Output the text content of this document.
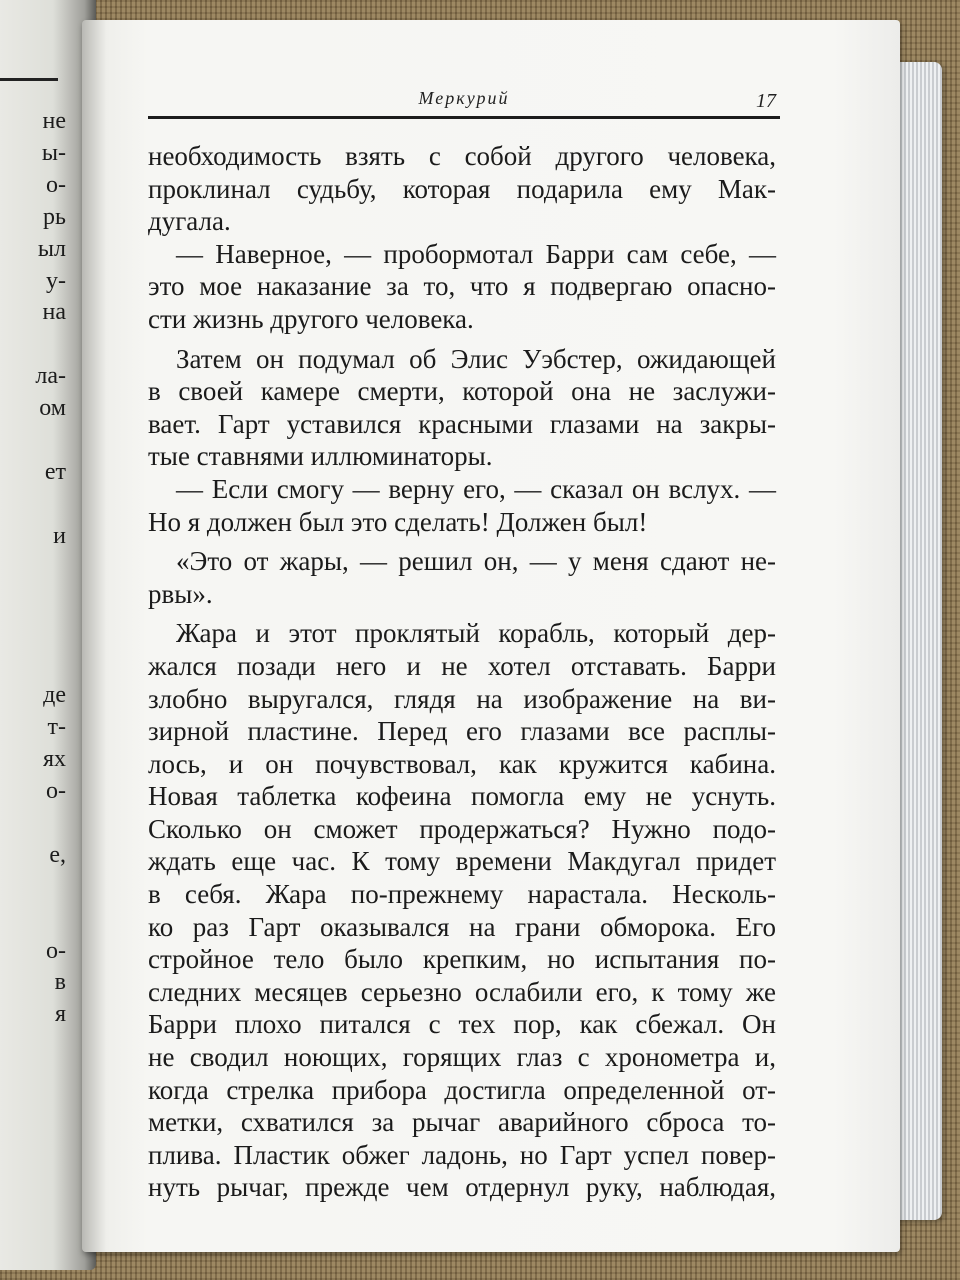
не
ы-
о-
рь
ыл
у-
на

ла-
ом

ет

и

де
т-
ях
о-

е,

о-
в
я
Меркурий	17
необходимость взять с собой другого человека,
проклинал судьбу, которая подарила ему Мак-
дугала.
— Наверное, — пробормотал Барри сам себе, —
это мое наказание за то, что я подвергаю опасно-
сти жизнь другого человека.
Затем он подумал об Элис Уэбстер, ожидающей
в своей камере смерти, которой она не заслужи-
вает. Гарт уставился красными глазами на закры-
тые ставнями иллюминаторы.
— Если смогу — верну его, — сказал он вслух. —
Но я должен был это сделать! Должен был!
«Это от жары, — решил он, — у меня сдают не-
рвы».
Жара и этот проклятый корабль, который дер-
жался позади него и не хотел отставать. Барри
злобно выругался, глядя на изображение на ви-
зирной пластине. Перед его глазами все расплы-
лось, и он почувствовал, как кружится кабина.
Новая таблетка кофеина помогла ему не уснуть.
Сколько он сможет продержаться? Нужно подо-
ждать еще час. К тому времени Макдугал придет
в себя. Жара по-прежнему нарастала. Несколь-
ко раз Гарт оказывался на грани обморока. Его
стройное тело было крепким, но испытания по-
следних месяцев серьезно ослабили его, к тому же
Барри плохо питался с тех пор, как сбежал. Он
не сводил ноющих, горящих глаз с хронометра и,
когда стрелка прибора достигла определенной от-
метки, схватился за рычаг аварийного сброса то-
плива. Пластик обжег ладонь, но Гарт успел повер-
нуть рычаг, прежде чем отдернул руку, наблюдая,
